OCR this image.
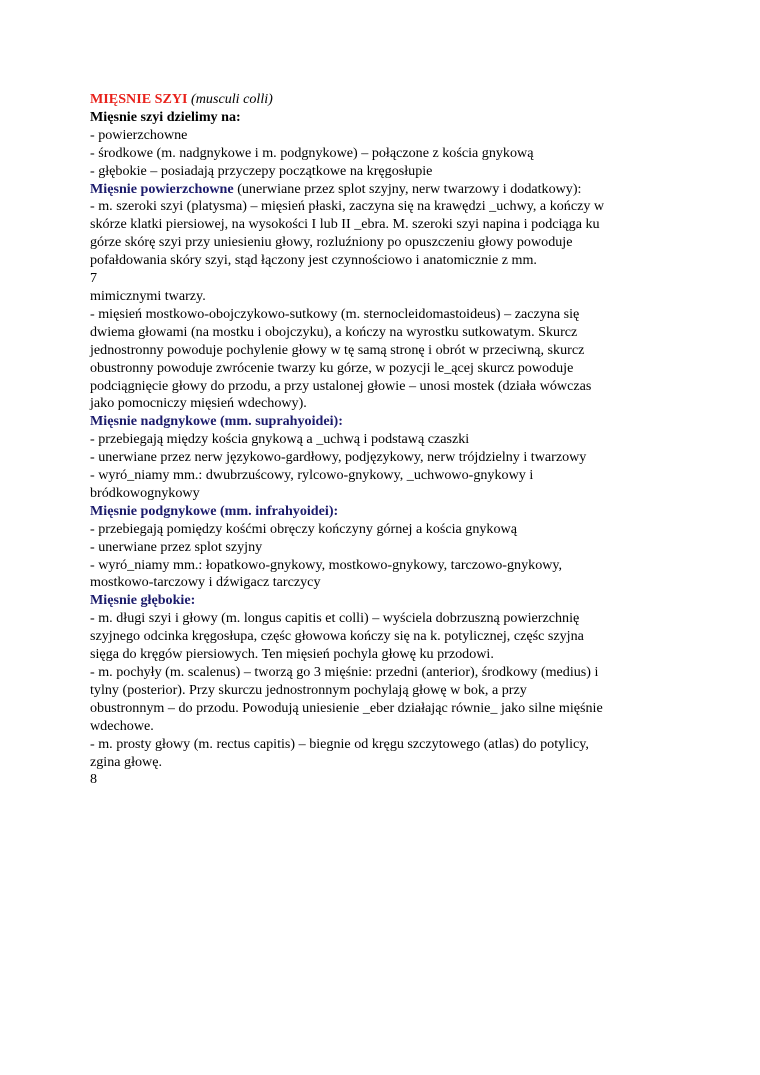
MIĘSNIE SZYI (musculi colli)
Mięsnie szyi dzielimy na:
- powierzchowne
- środkowe (m. nadgnykowe i m. podgnykowe) – połączone z kościa gnykową
- głębokie – posiadają przyczepy początkowe na kręgosłupie
Mięsnie powierzchowne (unerwiane przez splot szyjny, nerw twarzowy i dodatkowy):
- m. szeroki szyi (platysma) – mięsień płaski, zaczyna się na krawędzi _uchwy, a kończy w
skórze klatki piersiowej, na wysokości I lub II _ebra. M. szeroki szyi napina i podciąga ku
górze skórę szyi przy uniesieniu głowy, rozluźniony po opuszczeniu głowy powoduje
pofałdowania skóry szyi, stąd łączony jest czynnościowo i anatomicznie z mm.
7
mimicznymi twarzy.
- mięsień mostkowo-obojczykowo-sutkowy (m. sternocleidomastoideus) – zaczyna się
dwiema głowami (na mostku i obojczyku), a kończy na wyrostku sutkowatym. Skurcz
jednostronny powoduje pochylenie głowy w tę samą stronę i obrót w przeciwną, skurcz
obustronny powoduje zwrócenie twarzy ku górze, w pozycji le_ącej skurcz powoduje
podciągnięcie głowy do przodu, a przy ustalonej głowie – unosi mostek (działa wówczas
jako pomocniczy mięsień wdechowy).
Mięsnie nadgnykowe (mm. suprahyoidei):
- przebiegają między kościa gnykową a _uchwą i podstawą czaszki
- unerwiane przez nerw językowo-gardłowy, podjęzykowy, nerw trójdzielny i twarzowy
- wyró_niamy mm.: dwubrzuścowy, rylcowo-gnykowy, _uchwowo-gnykowy i
bródkowognykowy
Mięsnie podgnykowe (mm. infrahyoidei):
- przebiegają pomiędzy kośćmi obręczy kończyny górnej a kościa gnykową
- unerwiane przez splot szyjny
- wyró_niamy mm.: łopatkowo-gnykowy, mostkowo-gnykowy, tarczowo-gnykowy,
mostkowo-tarczowy i dźwigacz tarczycy
Mięsnie głębokie:
- m. długi szyi i głowy (m. longus capitis et colli) – wyściela dobrzuszną powierzchnię
szyjnego odcinka kręgosłupa, częśc głowowa kończy się na k. potylicznej, częśc szyjna
sięga do kręgów piersiowych. Ten mięsień pochyla głowę ku przodowi.
- m. pochyły (m. scalenus) – tworzą go 3 mięśnie: przedni (anterior), środkowy (medius) i
tylny (posterior). Przy skurczu jednostronnym pochylają głowę w bok, a przy
obustronnym – do przodu. Powodują uniesienie _eber działając równie_ jako silne mięśnie
wdechowe.
- m. prosty głowy (m. rectus capitis) – biegnie od kręgu szczytowego (atlas) do potylicy,
zgina głowę.
8
